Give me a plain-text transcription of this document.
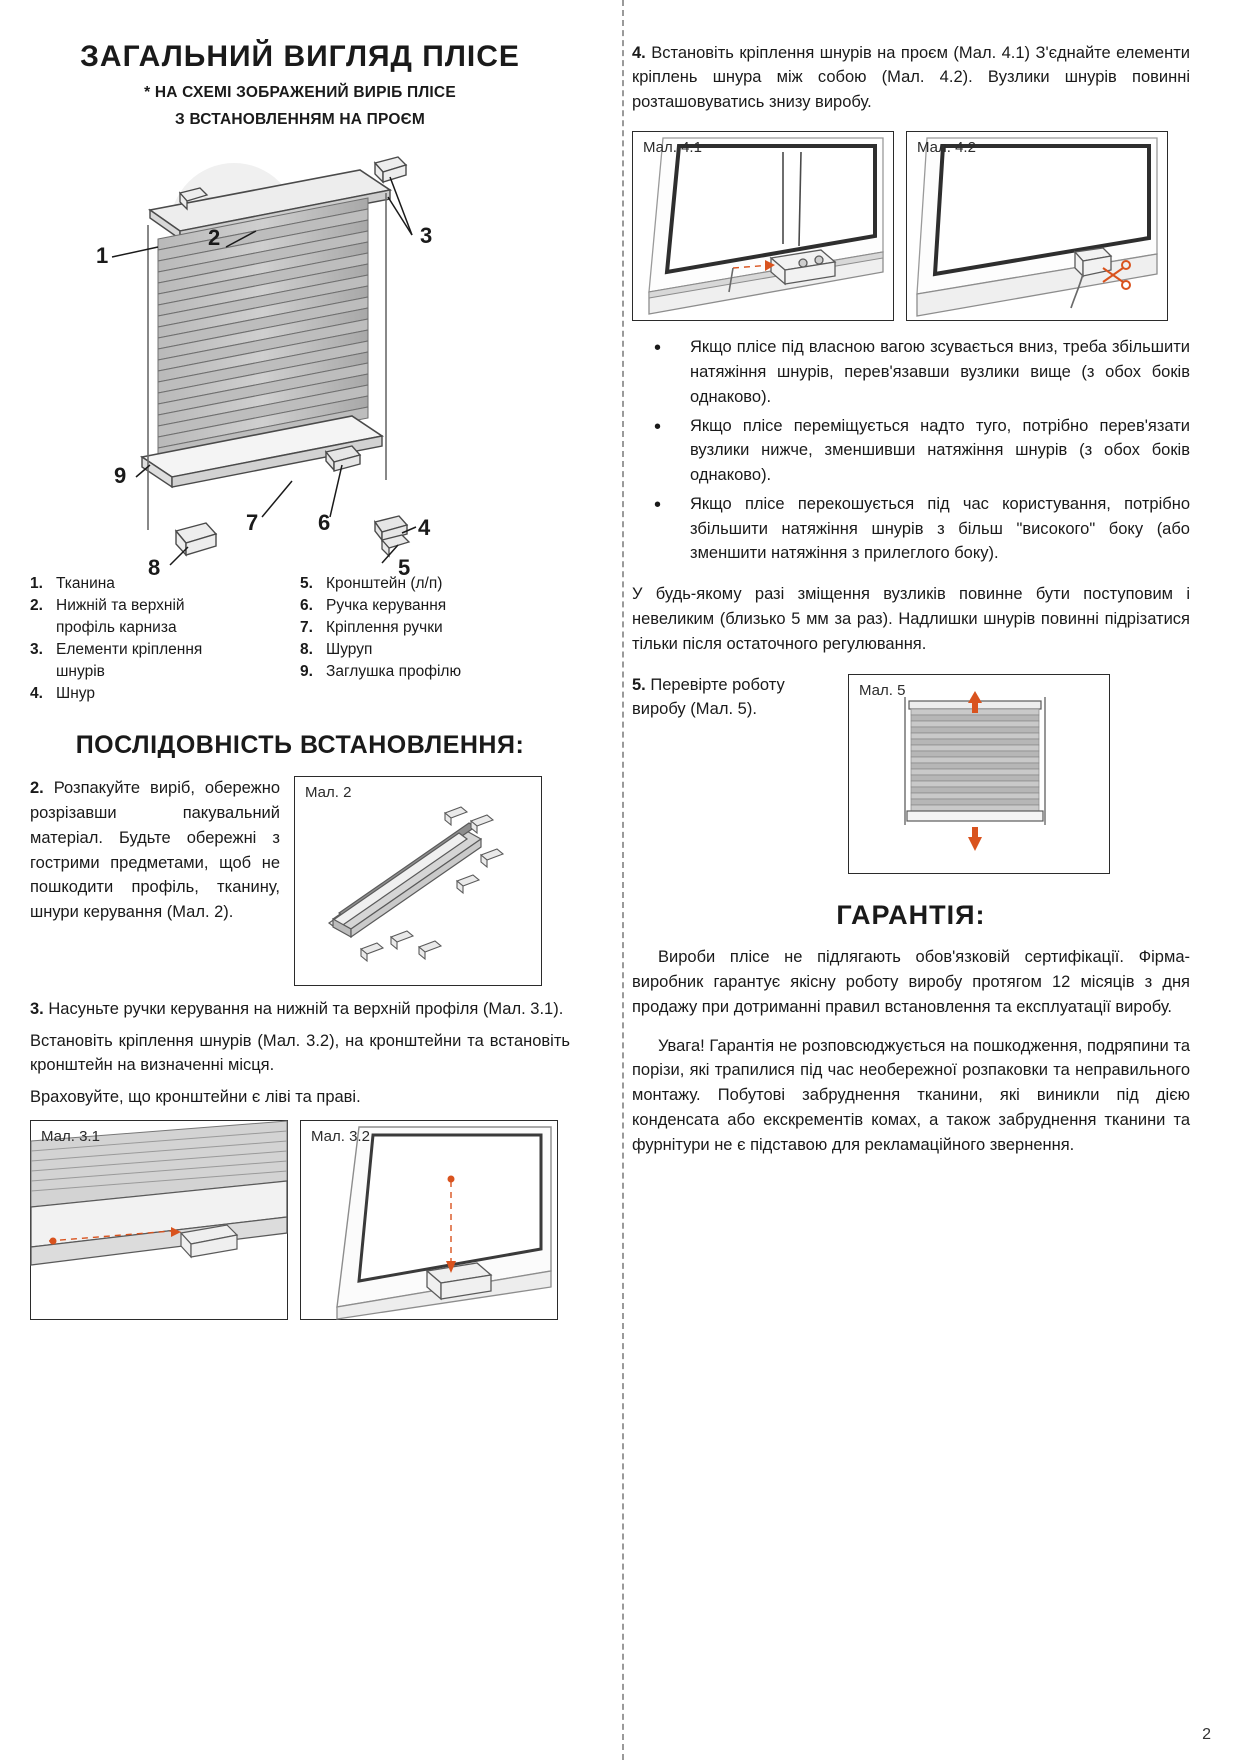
ЗАГАЛЬНИЙ ВИГЛЯД ПЛІСЕ
* НА СХЕМІ ЗОБРАЖЕНИЙ ВИРІБ ПЛІСЕ
З ВСТАНОВЛЕННЯМ НА ПРОЄМ
1
2	3
4
5
6
7
8
9
1. Тканина
2. Нижній та верхній
профіль карниза
3. Елементи кріплення
шнурів
4. Шнур
5. Кронштейн (л/п)
6. Ручка керування
7. Кріплення ручки
8. Шуруп
9. Заглушка профілю
ПОСЛІДОВНІСТЬ ВСТАНОВЛЕННЯ:
2. Розпакуйте виріб, обережно розрізавши пакувальний матеріал. Будьте обережні з гострими предметами, щоб не пошкодити профіль, тканину, шнури керування (Мал. 2).
Мал. 2

3. Насуньте ручки керування на нижній та верхній профіля (Мал. 3.1).

Встановіть кріплення шнурів (Мал. 3.2), на кронштейни та встановіть кронштейн на визначенні місця.

Враховуйте, що кронштейни є ліві та праві.

Мал. 3.1	Мал. 3.2

4. Встановіть кріплення шнурів на проєм (Мал. 4.1) З'єднайте елементи кріплень шнура між собою (Мал. 4.2). Вузлики шнурів повинні розташовуватись знизу виробу.

Мал. 4.1	Мал. 4.2
• Якщо плісе під власною вагою зсувається вниз, треба збільшити натяжіння шнурів, перев'язавши вузлики вище (з обох боків однаково).
• Якщо плісе переміщується надто туго, потрібно перев'язати вузлики нижче, зменшивши натяжіння шнурів (з обох боків однаково).
• Якщо плісе перекошується під час користування, потрібно збільшити натяжіння шнурів з більш "високого" боку (або зменшити натяжіння з прилеглого боку).

У будь-якому разі зміщення вузликів повинне бути поступовим і невеликим (близько 5 мм за раз). Надлишки шнурів повинні підрізатися тільки після остаточного регулювання.

5. Перевірте роботу виробу (Мал. 5).
Мал. 5
ГАРАНТІЯ:

Вироби плісе не підлягають обов'язковій сертифікації. Фірма-виробник гарантує якісну роботу виробу протягом 12 місяців з дня продажу при дотриманні правил встановлення та експлуатації виробу.

Увага! Гарантія не розповсюджується на пошкодження, подряпини та порізи, які трапилися під час необережної розпаковки та неправильного монтажу. Побутові забруднення тканини, які виникли під дією конденсата або екскрементів комах, а також забруднення тканини та фурнітури не є підставою для рекламаційного звернення.

2
